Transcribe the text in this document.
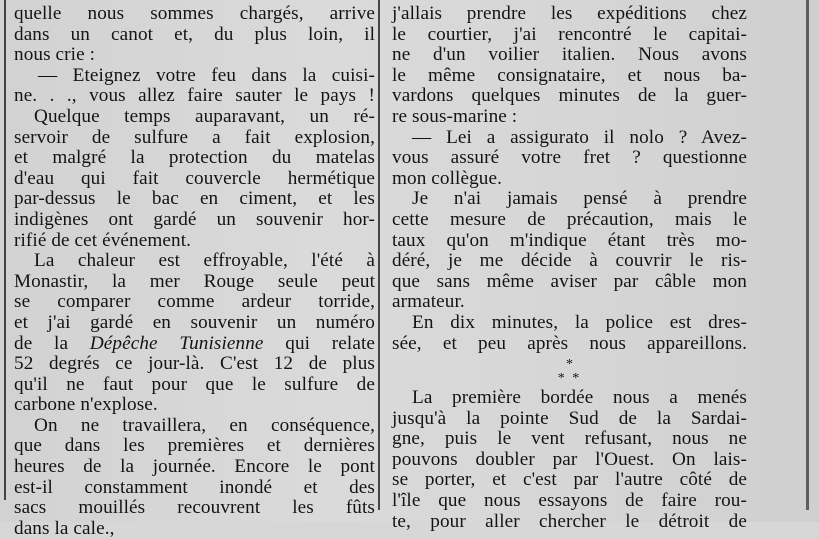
quelle nous sommes chargés, arrive
dans un canot et, du plus loin, il
nous crie :
— Eteignez votre feu dans la cuisi-
ne. . ., vous allez faire sauter le pays !
Quelque temps auparavant, un ré-
servoir de sulfure a fait explosion,
et malgré la protection du matelas
d'eau qui fait couvercle hermétique
par-dessus le bac en ciment, et les
indigènes ont gardé un souvenir hor-
rifié de cet événement.
La chaleur est effroyable, l'été à
Monastir, la mer Rouge seule peut
se comparer comme ardeur torride,
et j'ai gardé en souvenir un numéro
de la Dépêche Tunisienne qui relate
52 degrés ce jour-là. C'est 12 de plus
qu'il ne faut pour que le sulfure de
carbone n'explose.
On ne travaillera, en conséquence,
que dans les premières et dernières
heures de la journée. Encore le pont
est-il constamment inondé et des
sacs mouillés recouvrent les fûts
dans la cale.,
j'allais prendre les expéditions chez
le courtier, j'ai rencontré le capitai-
ne d'un voilier italien. Nous avons
le même consignataire, et nous ba-
vardons quelques minutes de la guer-
re sous-marine :
— Lei a assigurato il nolo ? Avez-
vous assuré votre fret ? questionne
mon collègue.
Je n'ai jamais pensé à prendre
cette mesure de précaution, mais le
taux qu'on m'indique étant très mo-
déré, je me décide à couvrir le ris-
que sans même aviser par câble mon
armateur.
En dix minutes, la police est dres-
sée, et peu après nous appareillons.
*
* *
La première bordée nous a menés
jusqu'à la pointe Sud de la Sardai-
gne, puis le vent refusant, nous ne
pouvons doubler par l'Ouest. On lais-
se porter, et c'est par l'autre côté de
l'île que nous essayons de faire rou-
te, pour aller chercher le détroit de
